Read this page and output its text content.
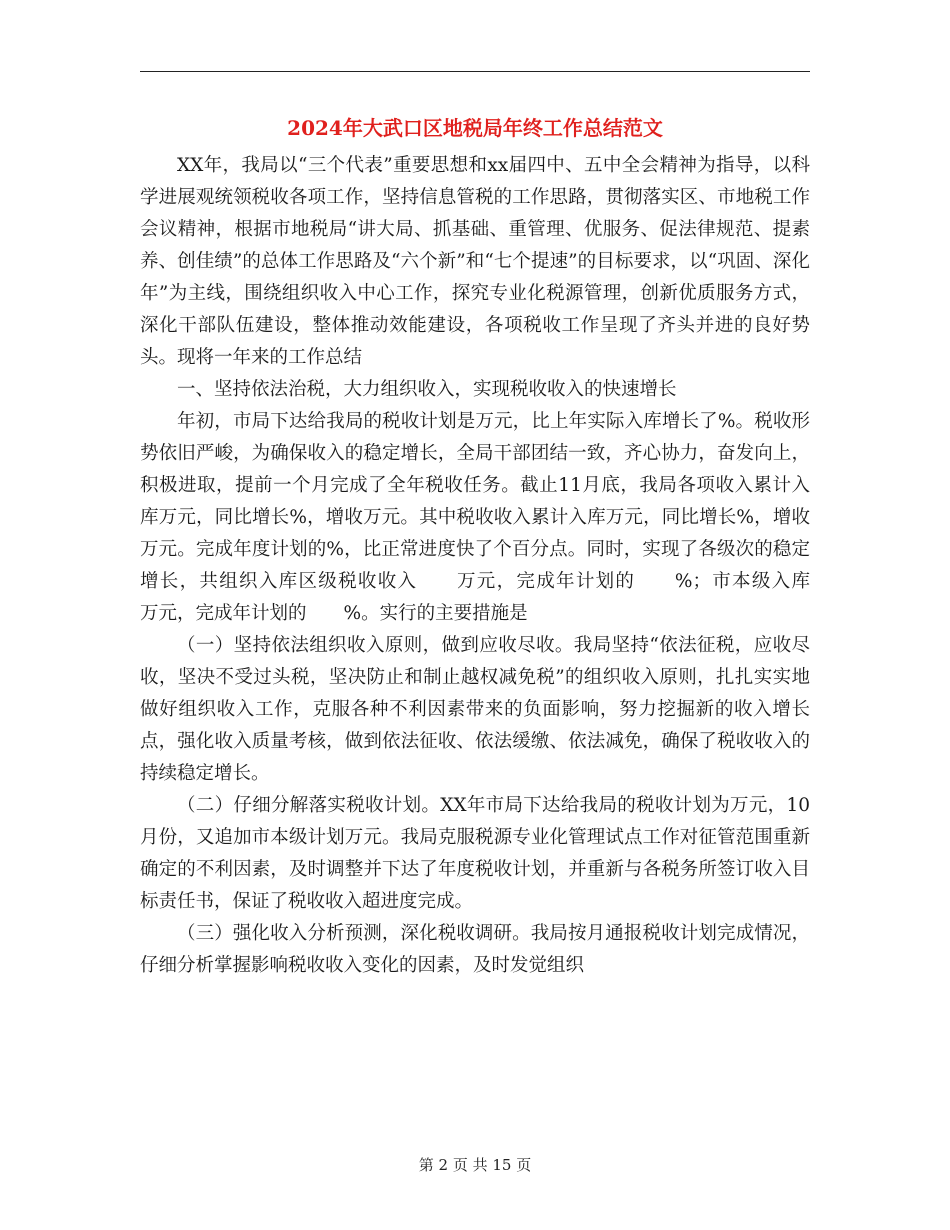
2024年大武口区地税局年终工作总结范文

XX年，我局以“三个代表”重要思想和xx届四中、五中全会精神为指导，以科学进展观统领税收各项工作，坚持信息管税的工作思路，贯彻落实区、市地税工作会议精神，根据市地税局“讲大局、抓基础、重管理、优服务、促法律规范、提素养、创佳绩”的总体工作思路及“六个新”和“七个提速”的目标要求，以“巩固、深化年”为主线，围绕组织收入中心工作，探究专业化税源管理，创新优质服务方式，深化干部队伍建设，整体推动效能建设，各项税收工作呈现了齐头并进的良好势头。现将一年来的工作总结

一、坚持依法治税，大力组织收入，实现税收收入的快速增长

年初，市局下达给我局的税收计划是万元，比上年实际入库增长了%。税收形势依旧严峻，为确保收入的稳定增长，全局干部团结一致，齐心协力，奋发向上，积极进取，提前一个月完成了全年税收任务。截止11月底，我局各项收入累计入库万元，同比增长%，增收万元。其中税收收入累计入库万元，同比增长%，增收万元。完成年度计划的%，比正常进度快了个百分点。同时，实现了各级次的稳定增长，共组织入库区级税收收入　　万元，完成年计划的　　%；市本级入库　　万元，完成年计划的　　%。实行的主要措施是

（一）坚持依法组织收入原则，做到应收尽收。我局坚持“依法征税，应收尽收，坚决不受过头税，坚决防止和制止越权减免税”的组织收入原则，扎扎实实地做好组织收入工作，克服各种不利因素带来的负面影响，努力挖掘新的收入增长点，强化收入质量考核，做到依法征收、依法缓缴、依法减免，确保了税收收入的持续稳定增长。

（二）仔细分解落实税收计划。XX年市局下达给我局的税收计划为万元，10月份，又追加市本级计划万元。我局克服税源专业化管理试点工作对征管范围重新确定的不利因素，及时调整并下达了年度税收计划，并重新与各税务所签订收入目标责任书，保证了税收收入超进度完成。

（三）强化收入分析预测，深化税收调研。我局按月通报税收计划完成情况，仔细分析掌握影响税收收入变化的因素，及时发觉组织

第 2 页 共 15 页
